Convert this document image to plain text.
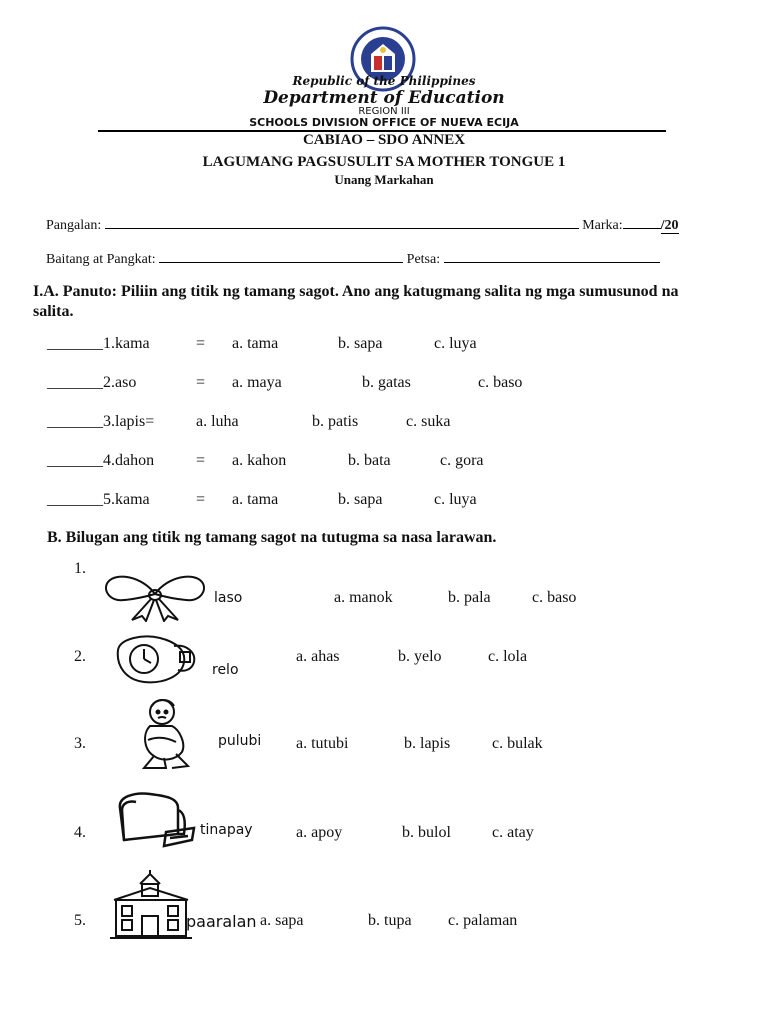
Republic of the Philippines
Department of Education
REGION III
SCHOOLS DIVISION OFFICE OF NUEVA ECIJA
CABIAO – SDO ANNEX
LAGUMANG PAGSUSULIT SA MOTHER TONGUE 1
Unang Markahan
Pangalan:	Marka:	/20
Baitang at Pangkat:	Petsa:
I.A. Panuto: Piliin ang titik ng tamang sagot. Ano ang katugmang salita ng mga sumusunod na
salita.
_______1.kama	= a. tama	b. sapa	c. luya
_______2.aso	= a. maya	b. gatas	c. baso
_______3.lapis=	a. luha	b. patis	c. suka
_______4.dahon	= a. kahon	b. bata	c. gora
_______5.kama	= a. tama	b. sapa	c. luya
B. Bilugan ang titik ng tamang sagot na tutugma sa nasa larawan.
1.
laso	a. manok	b. pala	c. baso
2.
relo
a. ahas	b. yelo	c. lola
3.	pulubi a. tutubi	b. lapis	c. bulak
4.	tinapay	a. apoy	b. bulol	c. atay
5.	paaralan a. sapa	b. tupa c. palaman
